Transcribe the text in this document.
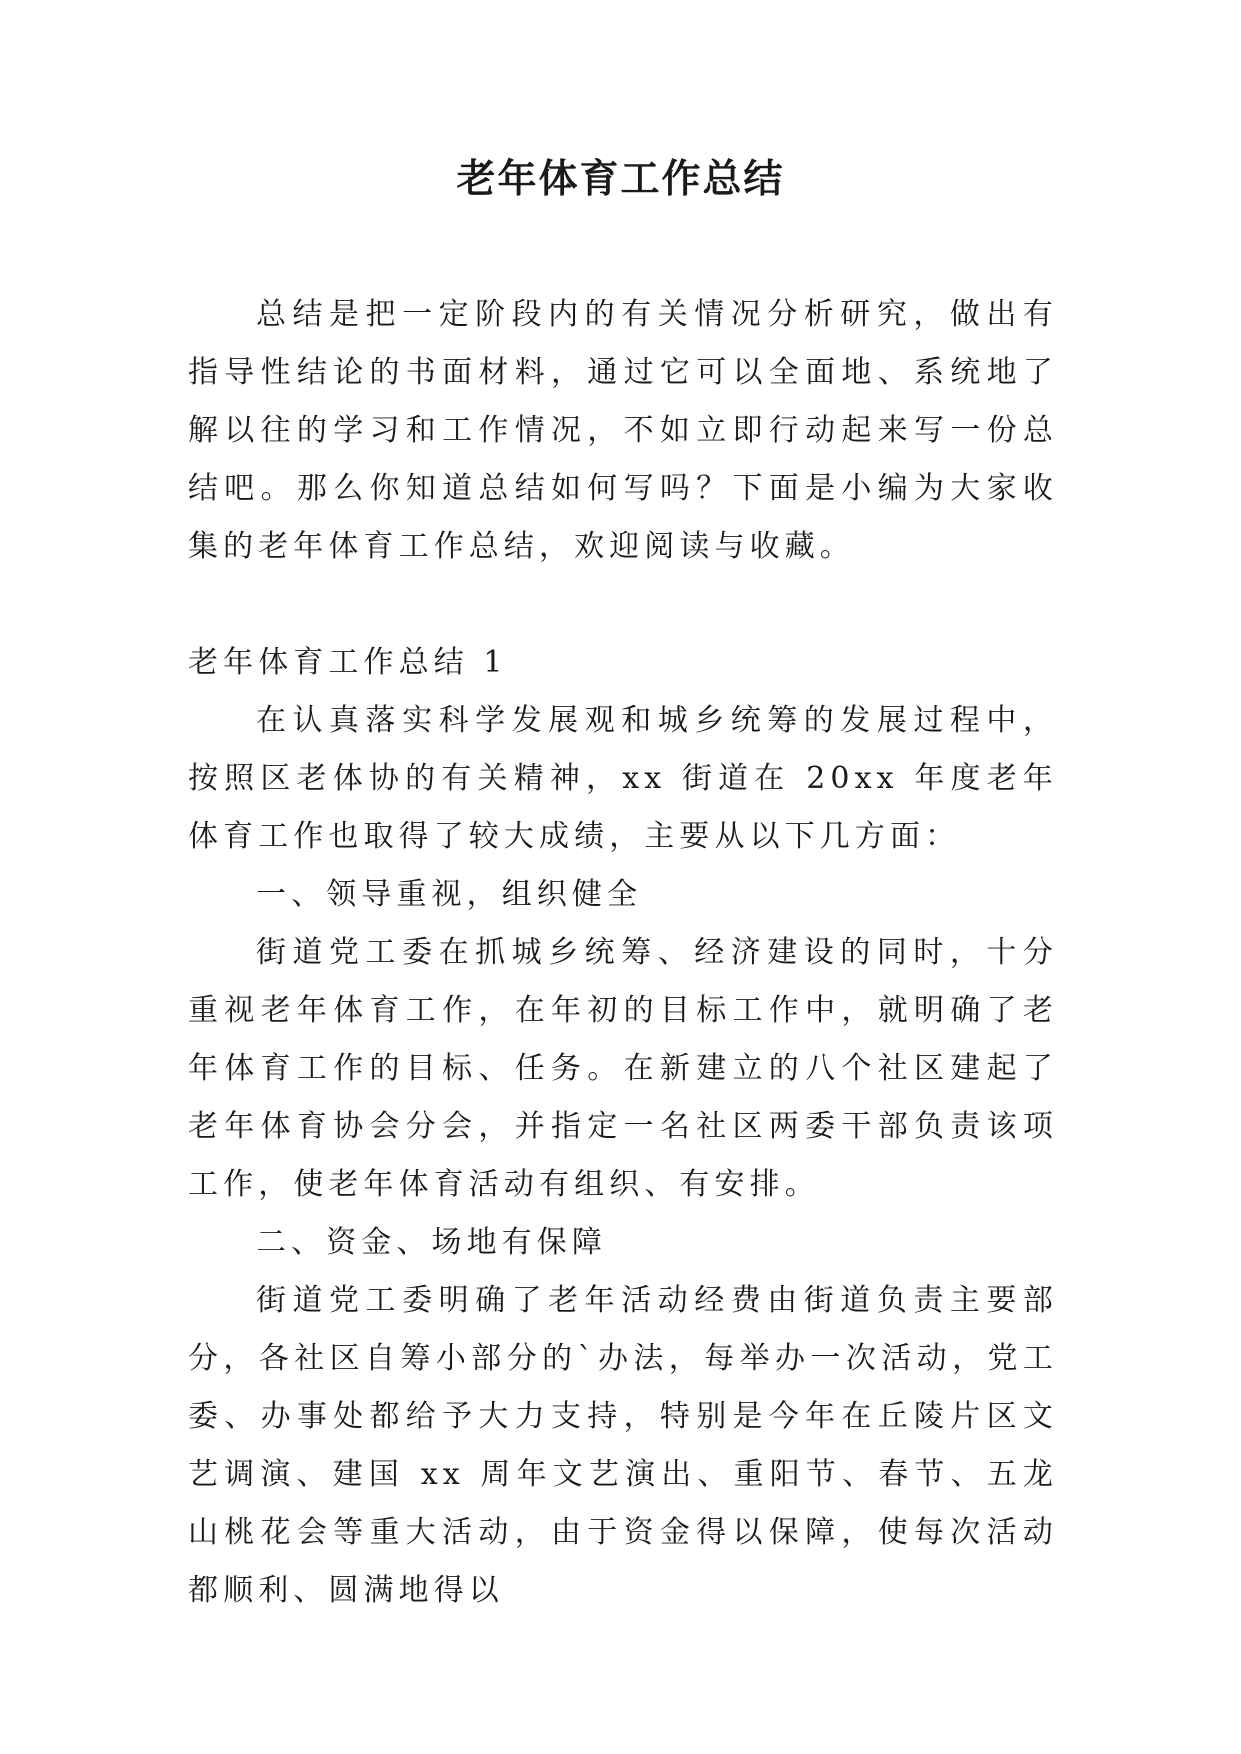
老年体育工作总结

总结是把一定阶段内的有关情况分析研究，做出有指导性结论的书面材料，通过它可以全面地、系统地了解以往的学习和工作情况，不如立即行动起来写一份总结吧。那么你知道总结如何写吗？下面是小编为大家收集的老年体育工作总结，欢迎阅读与收藏。

老年体育工作总结 1

在认真落实科学发展观和城乡统筹的发展过程中，按照区老体协的有关精神，xx 街道在 20xx 年度老年体育工作也取得了较大成绩，主要从以下几方面：

一、领导重视，组织健全

街道党工委在抓城乡统筹、经济建设的同时，十分重视老年体育工作，在年初的目标工作中，就明确了老年体育工作的目标、任务。在新建立的八个社区建起了老年体育协会分会，并指定一名社区两委干部负责该项工作，使老年体育活动有组织、有安排。

二、资金、场地有保障

街道党工委明确了老年活动经费由街道负责主要部分，各社区自筹小部分的`办法，每举办一次活动，党工委、办事处都给予大力支持，特别是今年在丘陵片区文艺调演、建国 xx 周年文艺演出、重阳节、春节、五龙山桃花会等重大活动，由于资金得以保障，使每次活动都顺利、圆满地得以
